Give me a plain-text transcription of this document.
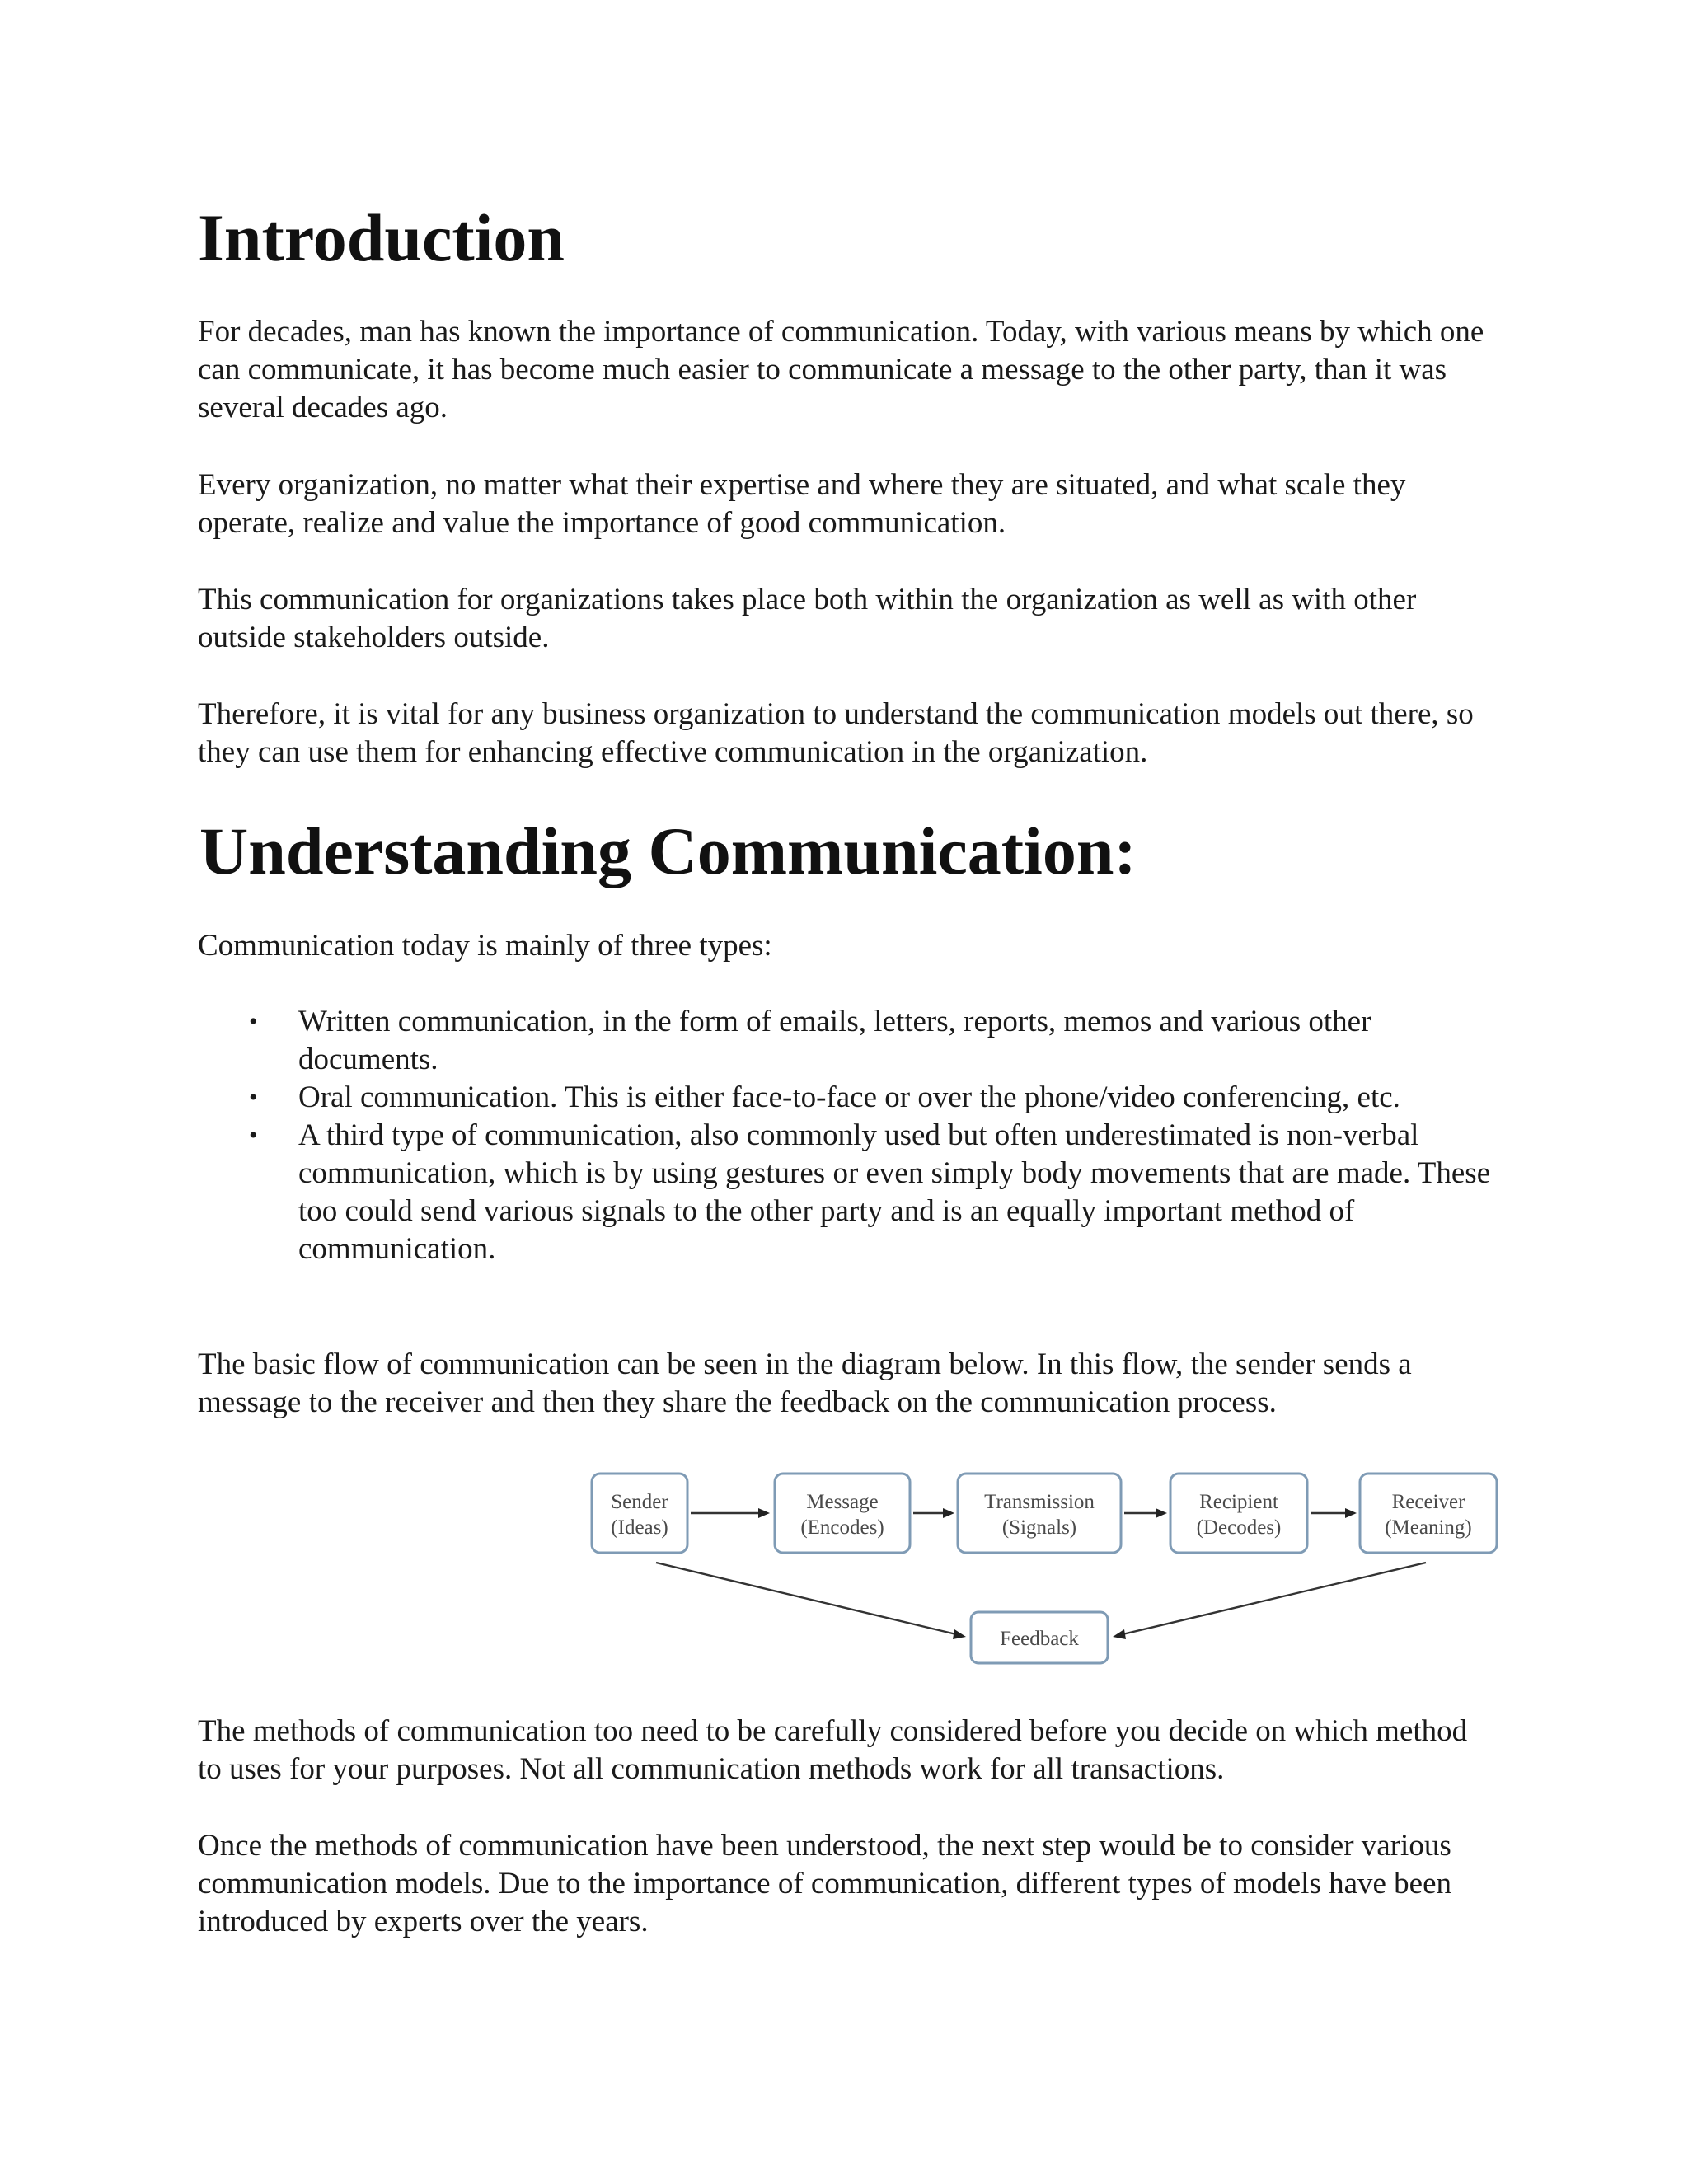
Introduction

For decades, man has known the importance of communication. Today, with various means by which one can communicate, it has become much easier to communicate a message to the other party, than it was several decades ago.

Every organization, no matter what their expertise and where they are situated, and what scale they operate, realize and value the importance of good communication.

This communication for organizations takes place both within the organization as well as with other outside stakeholders outside.

Therefore, it is vital for any business organization to understand the communication models out there, so they can use them for enhancing effective communication in the organization.

Understanding Communication:

Communication today is mainly of three types:

• Written communication, in the form of emails, letters, reports, memos and various other documents.
• Oral communication. This is either face-to-face or over the phone/video conferencing, etc.
• A third type of communication, also commonly used but often underestimated is non-verbal communication, which is by using gestures or even simply body movements that are made. These too could send various signals to the other party and is an equally important method of communication.

The basic flow of communication can be seen in the diagram below. In this flow, the sender sends a message to the receiver and then they share the feedback on the communication process.

Sender
(Ideas)
Message
(Encodes)
Transmission
(Signals)
Recipient
(Decodes)
Receiver
(Meaning)
Feedback

The methods of communication too need to be carefully considered before you decide on which method to uses for your purposes. Not all communication methods work for all transactions.

Once the methods of communication have been understood, the next step would be to consider various communication models. Due to the importance of communication, different types of models have been introduced by experts over the years.
